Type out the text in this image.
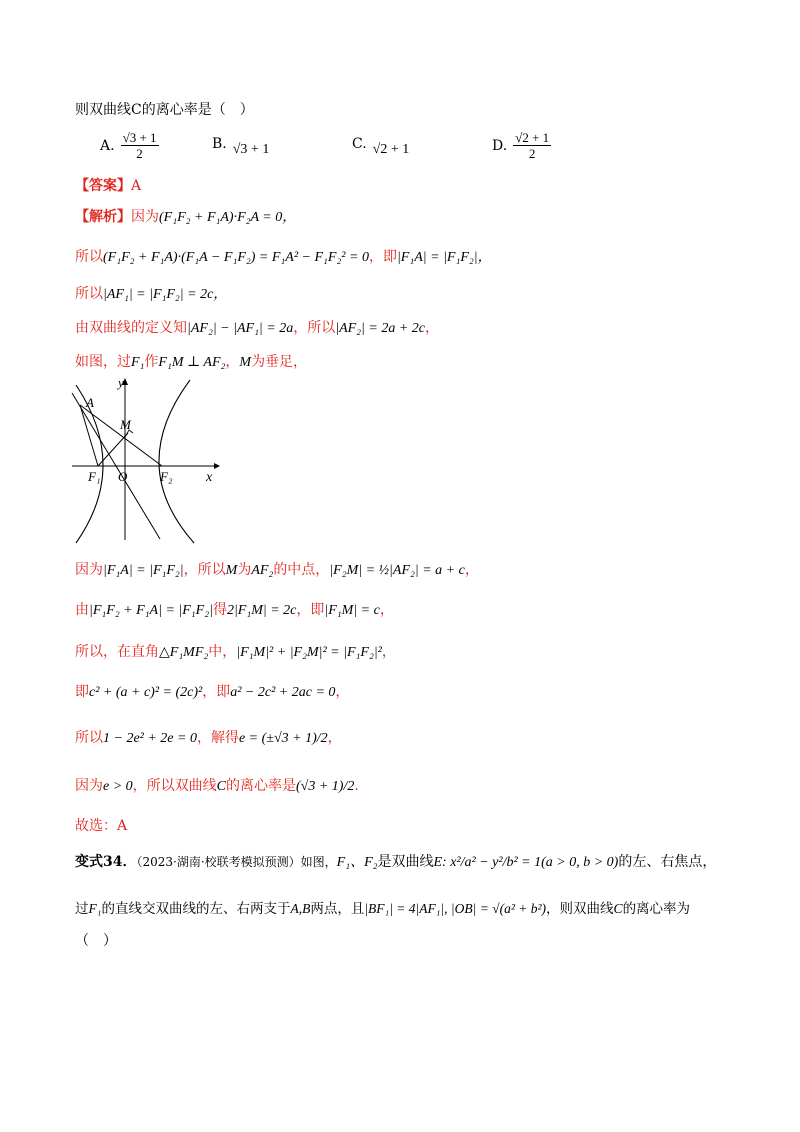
则双曲线C的离心率是（　）
A. $\frac{√3 + 1}{2}$	B. √3 + 1	C. √2 + 1	D. $\frac{√2 + 1}{2}$
【答案】A
【解析】因为(F₁F₂ + F₁A)·F₂A = 0，
所以(F₁F₂ + F₁A)·(F₁A − F₁F₂) = F₁A² − F₁F₂² = 0，即|F₁A| = |F₁F₂|，
所以|AF₁| = |F₁F₂| = 2c，
由双曲线的定义知|AF₂| − |AF₁| = 2a，所以|AF₂| = 2a + 2c，
如图，过F₁作F₁M ⊥ AF₂，M为垂足，
y
x
A
M
F₁ O	F₂
因为|F₁A| = |F₁F₂|，所以M为AF₂的中点，|F₂M| = ½|AF₂| = a + c，
由|F₁F₂ + F₁A| = |F₁F₂|得2|F₁M| = 2c，即|F₁M| = c，
所以，在直角△F₁MF₂中，|F₁M|² + |F₂M|² = |F₁F₂|²，
即c² + (a + c)² = (2c)²，即a² − 2c² + 2ac = 0，
所以1 − 2e² + 2e = 0，解得e = (±√3 + 1)/2，
因为e > 0，所以双曲线C的离心率是(√3 + 1)/2.
故选：A
变式34．（2023·湖南·校联考模拟预测）如图，F₁、F₂是双曲线E: x²/a² − y²/b² = 1(a > 0, b > 0)的左、右焦点，
过F₁的直线交双曲线的左、右两支于A,B两点，且|BF₁| = 4|AF₁|, |OB| = √(a² + b²)，则双曲线C的离心率为
（　）
